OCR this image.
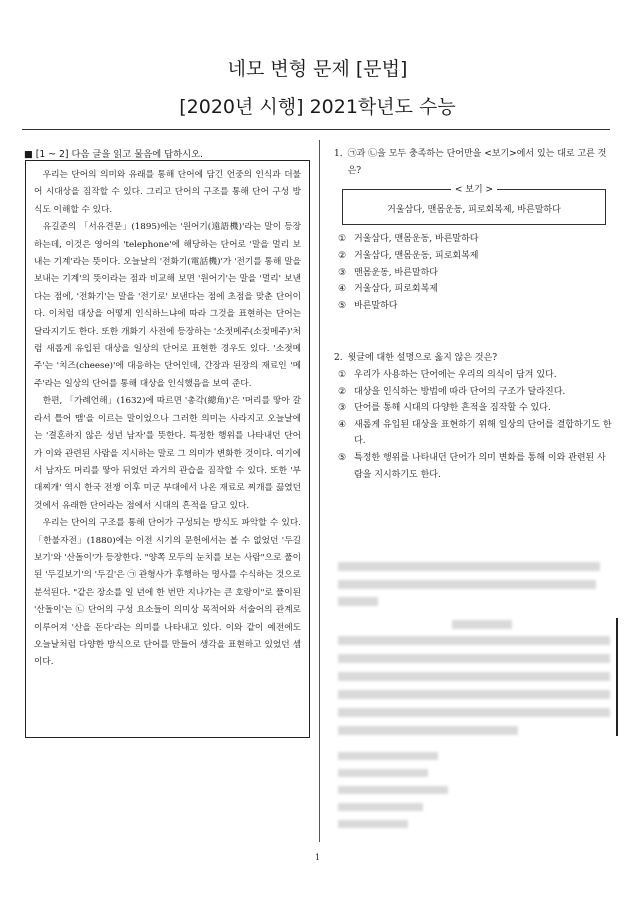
네모 변형 문제 [문법]
[2020년 시행] 2021학년도 수능
■ [1 ~ 2] 다음 글을 읽고 물음에 답하시오.

우리는 단어의 의미와 유래를 통해 단어에 담긴 언중의 인식과 더불어 시대상을 짐작할 수 있다. 그리고 단어의 구조를 통해 단어 구성 방식도 이해할 수 있다.

유길준의 「서유견문」(1895)에는 '원어기(遠語機)'라는 말이 등장하는데, 이것은 영어의 'telephone'에 해당하는 단어로 '말을 멀리 보내는 기계'라는 뜻이다. 오늘날의 '전화기(電話機)'가 '전기를 통해 말을 보내는 기계'의 뜻이라는 점과 비교해 보면 '원어기'는 말을 '멀리' 보낸다는 점에, '전화기'는 말을 '전기로' 보낸다는 점에 초점을 맞춘 단어이다. 이처럼 대상을 어떻게 인식하느냐에 따라 그것을 표현하는 단어는 달라지기도 한다. 또한 개화기 사전에 등장하는 '소젓메주(소젖메주)'처럼 새롭게 유입된 대상을 일상의 단어로 표현한 경우도 있다. '소젓메주'는 '치즈(cheese)'에 대응하는 단어인데, 간장과 된장의 재료인 '메주'라는 일상의 단어를 통해 대상을 인식했음을 보여 준다.

한편, 「가례언해」(1632)에 따르면 '총각(總角)'은 '머리를 땋아 갈라서 틀어 맴'을 이르는 말이었으나 그러한 의미는 사라지고 오늘날에는 '결혼하지 않은 성년 남자'를 뜻한다. 특정한 행위를 나타내던 단어가 이와 관련된 사람을 지시하는 말로 그 의미가 변화한 것이다. 여기에서 남자도 머리를 땋아 뒤었던 과거의 관습을 짐작할 수 있다. 또한 '부대찌개' 역시 한국 전쟁 이후 미군 부대에서 나온 재료로 찌개를 끓였던 것에서 유래한 단어라는 점에서 시대의 흔적을 담고 있다.

우리는 단어의 구조를 통해 단어가 구성되는 방식도 파악할 수 있다. 「한불자전」(1880)에는 이전 시기의 문헌에서는 볼 수 없었던 '두길보기'와 '산돌이'가 등장한다. "양쪽 모두의 눈치를 보는 사람"으로 풀이된 '두길보기'의 '두길'은 ㉠ 관형사가 후행하는 명사를 수식하는 것으로 분석된다. "같은 장소를 일 년에 한 번만 지나가는 큰 호랑이"로 풀이된 '산돌이'는 ㉡ 단어의 구성 요소들이 의미상 목적어와 서술어의 관계로 이루어져 '산을 돈다'라는 의미를 나타내고 있다. 이와 같이 예전에도 오늘날처럼 다양한 방식으로 단어를 만들어 생각을 표현하고 있었던 셈이다.

1. ㉠과 ㉡을 모두 충족하는 단어만을 <보기>에서 있는 대로 고른 것은?
< 보기 >
거울삼다, 맨몸운동, 피로회복제, 바른말하다
① 거울삼다, 맨몸운동, 바른말하다
② 거울삼다, 맨몸운동, 피로회복제
③ 맨몸운동, 바른말하다
④ 거울삼다, 피로회복제
⑤ 바른말하다
2. 윗글에 대한 설명으로 옳지 않은 것은?
① 우리가 사용하는 단어에는 우리의 의식이 담겨 있다.
② 대상을 인식하는 방법에 따라 단어의 구조가 달라진다.
③ 단어를 통해 시대의 다양한 흔적을 짐작할 수 있다.
④ 새롭게 유입된 대상을 표현하기 위해 일상의 단어를 결합하기도 한다.
⑤ 특정한 행위를 나타내던 단어가 의미 변화를 통해 이와 관련된 사람을 지시하기도 한다.
1
